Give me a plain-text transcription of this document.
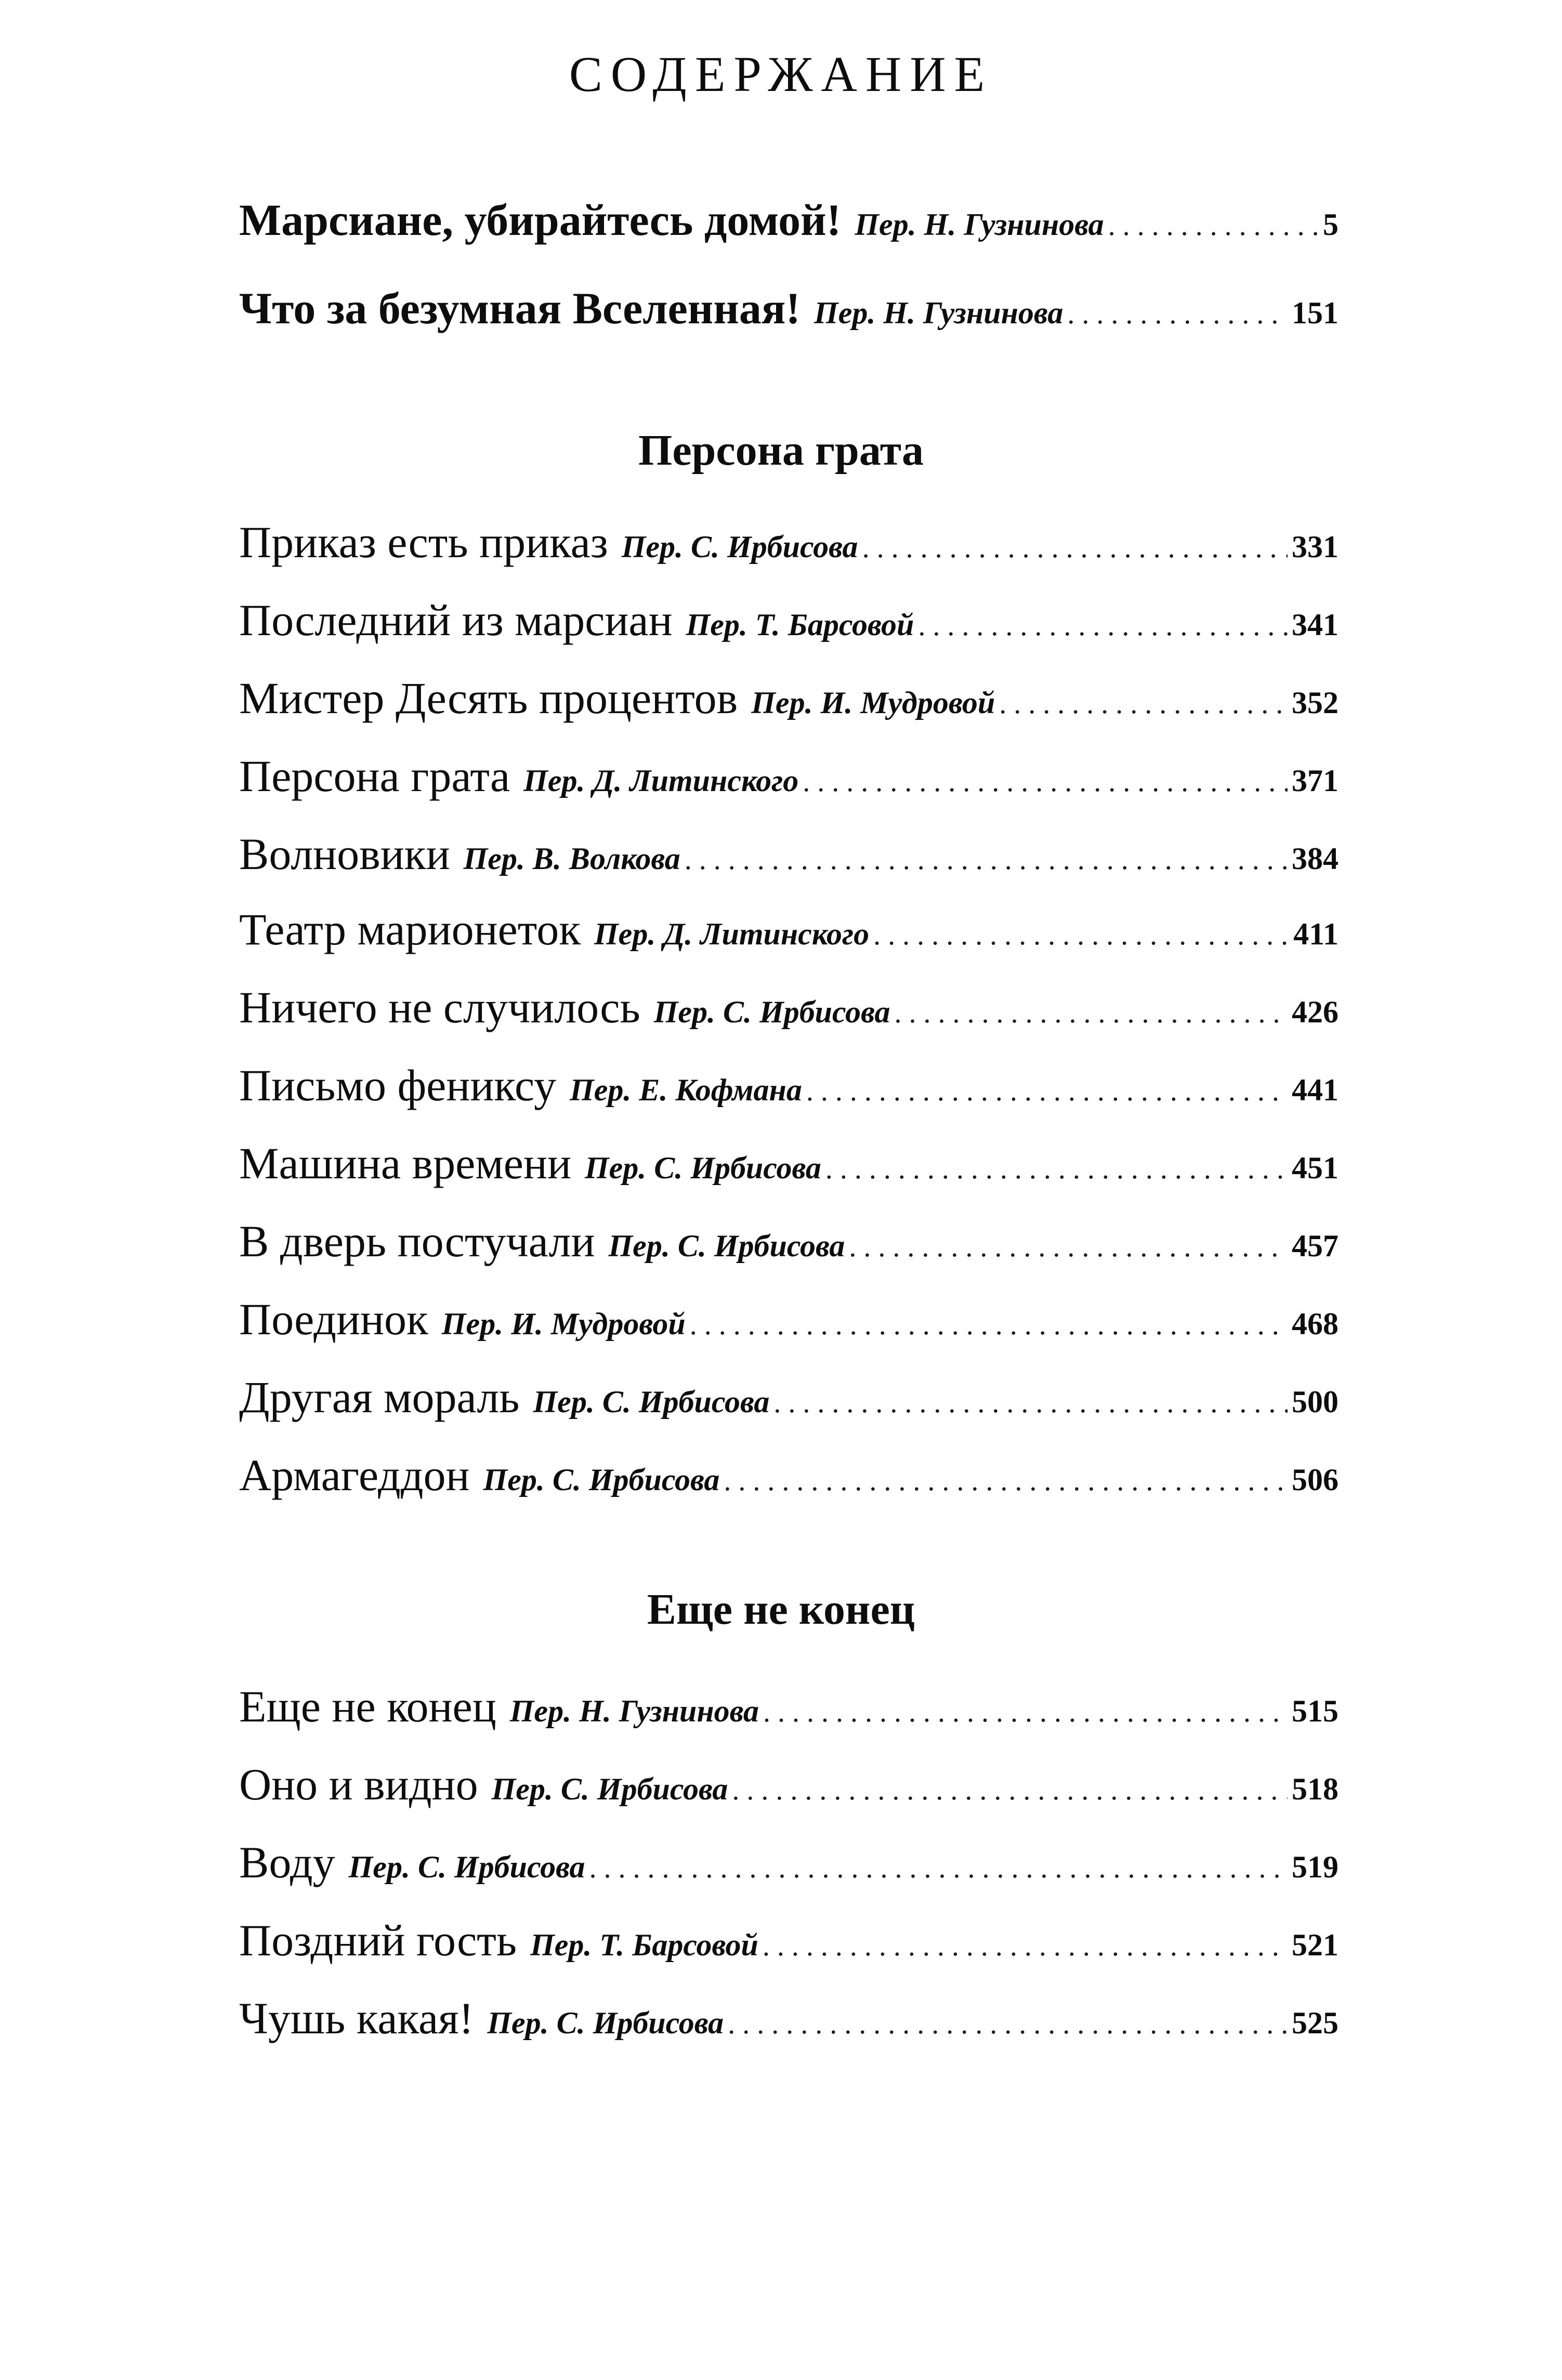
СОДЕРЖАНИЕ
Марсиане, убирайтесь домой! Пер. Н. Гузнинова .....	5
Что за безумная Вселенная! Пер. Н. Гузнинова .....	151
Персона грата
Приказ есть приказ Пер. С. Ирбисова .....	331
Последний из марсиан Пер. Т. Барсовой .....	341
Мистер Десять процентов Пер. И. Мудровой .....	352
Персона грата Пер. Д. Литинского .....	371
Волновики Пер. В. Волкова .....	384
Театр марионеток Пер. Д. Литинского .....	411
Ничего не случилось Пер. С. Ирбисова .....	426
Письмо фениксу Пер. Е. Кофмана .....	441
Машина времени Пер. С. Ирбисова .....	451
В дверь постучали Пер. С. Ирбисова .....	457
Поединок Пер. И. Мудровой .....	468
Другая мораль Пер. С. Ирбисова .....	500
Армагеддон Пер. С. Ирбисова .....	506
Еще не конец
Еще не конец Пер. Н. Гузнинова .....	515
Оно и видно Пер. С. Ирбисова .....	518
Воду Пер. С. Ирбисова .....	519
Поздний гость Пер. Т. Барсовой .....	521
Чушь какая! Пер. С. Ирбисова .....	525
